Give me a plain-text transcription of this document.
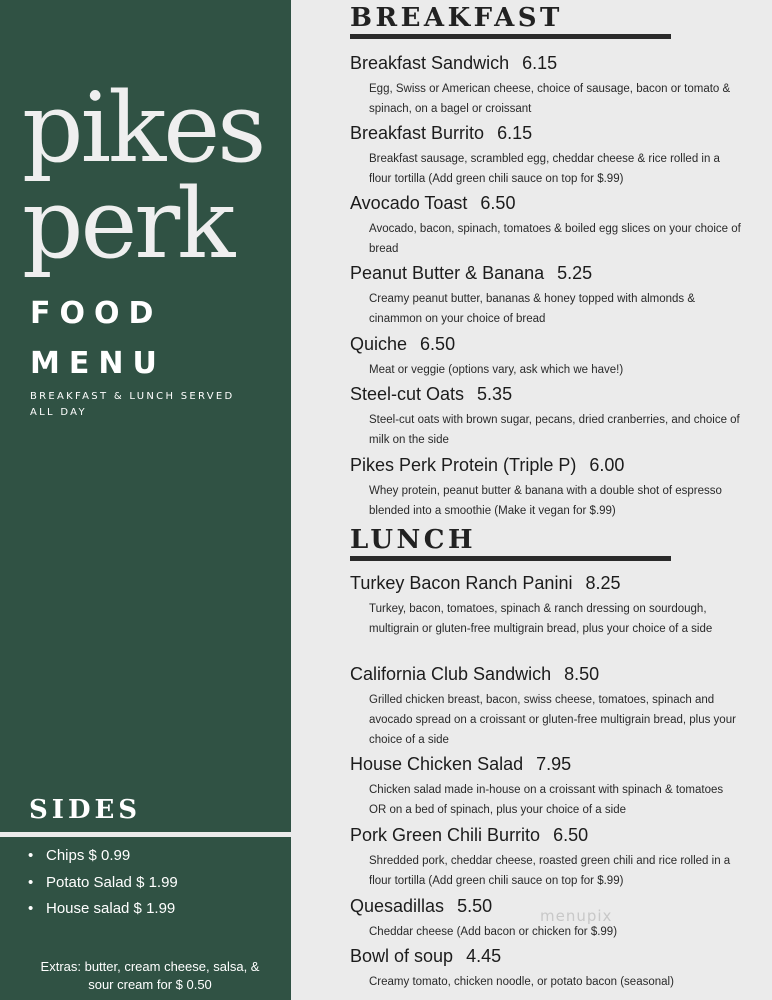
pikes
perk
FOOD
MENU
BREAKFAST & LUNCH SERVED ALL DAY
SIDES
• Chips $ 0.99
• Potato Salad $ 1.99
• House salad $ 1.99
Extras: butter, cream cheese, salsa, & sour cream for $ 0.50
BREAKFAST
Breakfast Sandwich 6.15
Egg, Swiss or American cheese, choice of sausage, bacon or tomato & spinach, on a bagel or croissant
Breakfast Burrito 6.15
Breakfast sausage, scrambled egg, cheddar cheese & rice rolled in a flour tortilla (Add green chili sauce on top for $.99)
Avocado Toast 6.50
Avocado, bacon, spinach, tomatoes & boiled egg slices on your choice of bread
Peanut Butter & Banana 5.25
Creamy peanut butter, bananas & honey topped with almonds & cinammon on your choice of bread
Quiche 6.50
Meat or veggie (options vary, ask which we have!)
Steel-cut Oats 5.35
Steel-cut oats with brown sugar, pecans, dried cranberries, and choice of milk on the side
Pikes Perk Protein (Triple P) 6.00
Whey protein, peanut butter & banana with a double shot of espresso blended into a smoothie (Make it vegan for $.99)
LUNCH
Turkey Bacon Ranch Panini 8.25
Turkey, bacon, tomatoes, spinach & ranch dressing on sourdough, multigrain or gluten-free multigrain bread, plus your choice of a side
California Club Sandwich 8.50
Grilled chicken breast, bacon, swiss cheese, tomatoes, spinach and avocado spread on a croissant or gluten-free multigrain bread, plus your choice of a side
House Chicken Salad 7.95
Chicken salad made in-house on a croissant with spinach & tomatoes OR on a bed of spinach, plus your choice of a side
Pork Green Chili Burrito 6.50
Shredded pork, cheddar cheese, roasted green chili and rice rolled in a flour tortilla (Add green chili sauce on top for $.99)
Quesadillas 5.50
Cheddar cheese (Add bacon or chicken for $.99)
Bowl of soup 4.45
Creamy tomato, chicken noodle, or potato bacon (seasonal)
menupix
